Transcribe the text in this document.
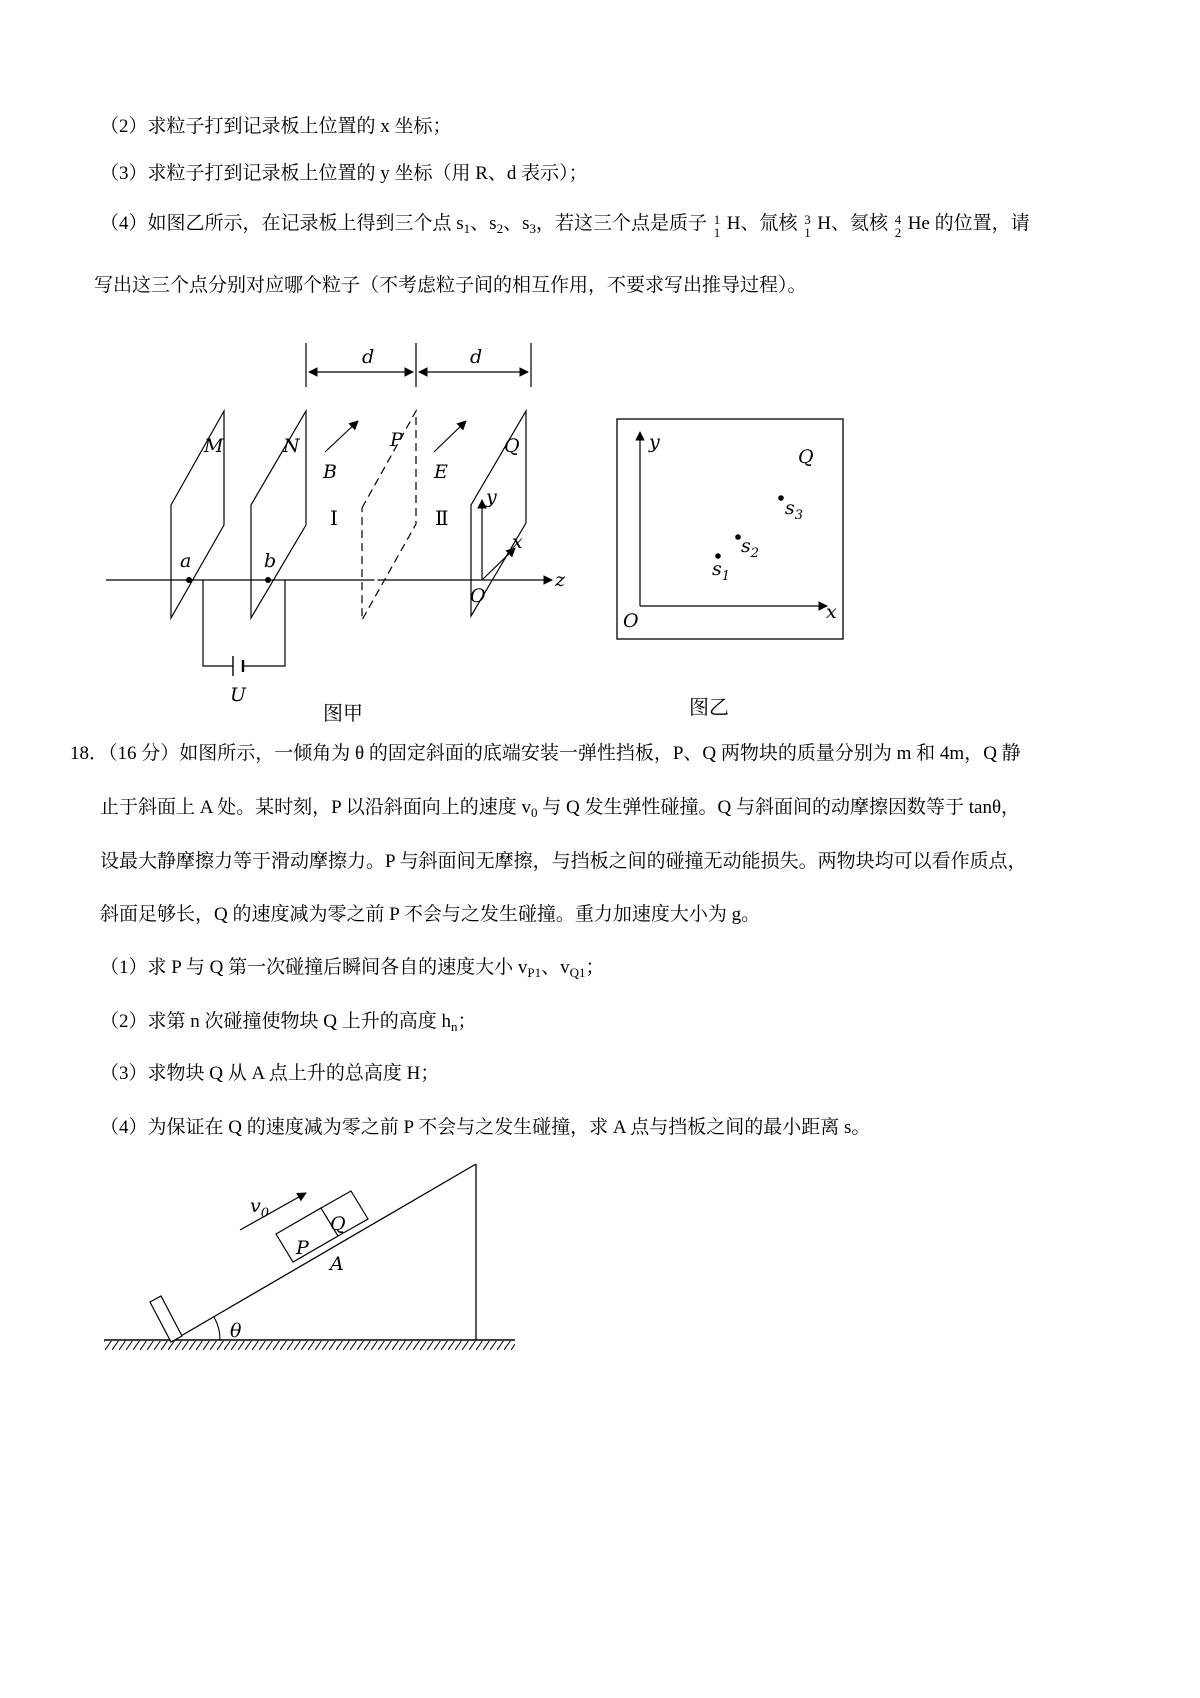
（2）求粒子打到记录板上位置的 x 坐标；
（3）求粒子打到记录板上位置的 y 坐标（用 R、d 表示）；
（4）如图乙所示，在记录板上得到三个点 $s_1$、$s_2$、$s_3$，若这三个点是质子 1
1 H、氚核 3
1 H、氦核 4
2 He 的位置，请
写出这三个点分别对应哪个粒子（不考虑粒子间的相互作用，不要求写出推导过程）。
d	d
M	N	P	Q
B	E
Ⅰ	Ⅱ
a	b
y
x
z
O
U
图甲
y
x
O
Q
$s_1$
$s_2$
$s_3$
图乙
18．（16 分）如图所示，一倾角为 θ 的固定斜面的底端安装一弹性挡板，P、Q 两物块的质量分别为 m 和 4m，Q 静
止于斜面上 A 处。某时刻，P 以沿斜面向上的速度 $v_0$ 与 Q 发生弹性碰撞。Q 与斜面间的动摩擦因数等于 tanθ，
设最大静摩擦力等于滑动摩擦力。P 与斜面间无摩擦，与挡板之间的碰撞无动能损失。两物块均可以看作质点，
斜面足够长，Q 的速度减为零之前 P 不会与之发生碰撞。重力加速度大小为 g。
（1）求 P 与 Q 第一次碰撞后瞬间各自的速度大小 $v_{P1}$、$v_{Q1}$；
（2）求第 n 次碰撞使物块 Q 上升的高度 $h_n$；
（3）求物块 Q 从 A 点上升的总高度 H；
（4）为保证在 Q 的速度减为零之前 P 不会与之发生碰撞，求 A 点与挡板之间的最小距离 s。
$v_0$
P
Q
A
θ
